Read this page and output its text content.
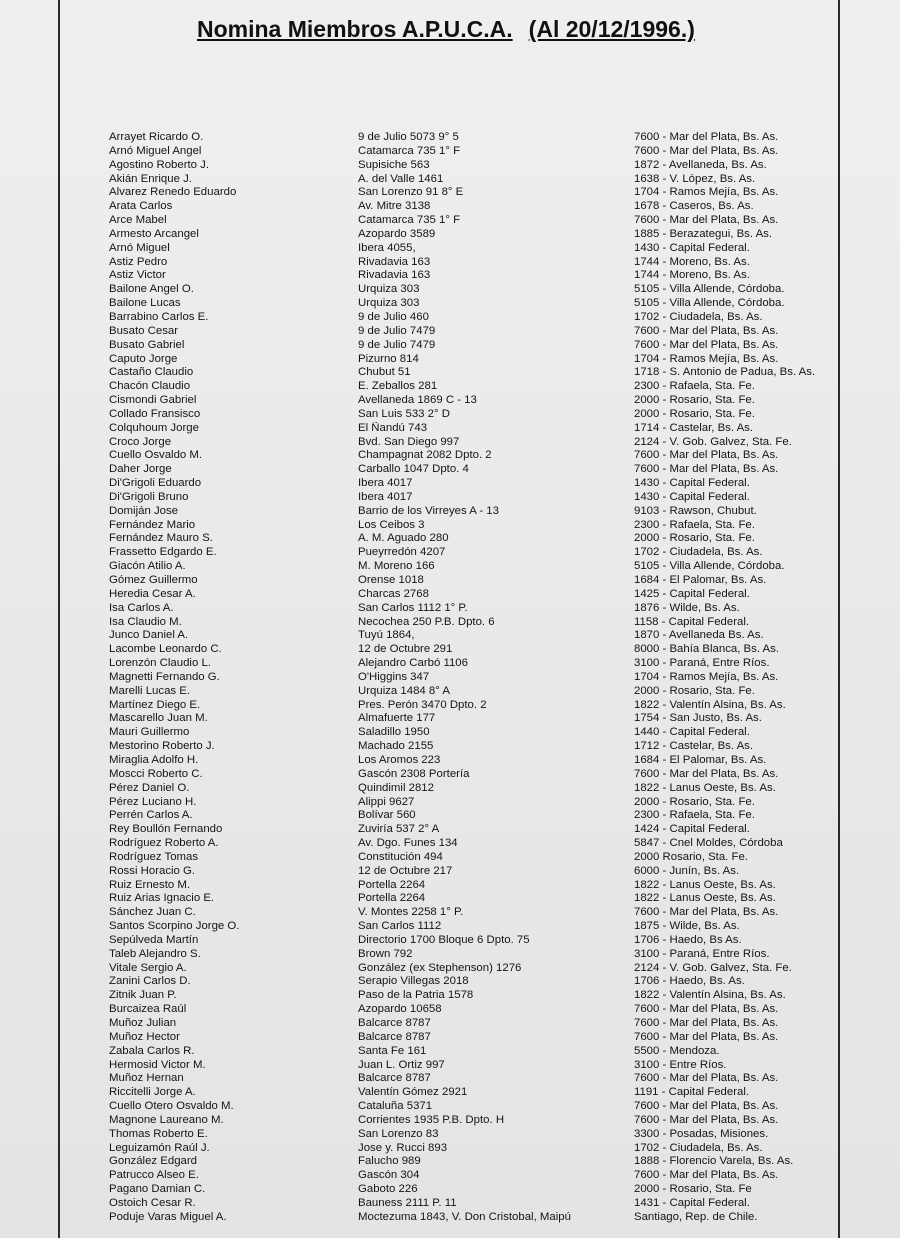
Nomina Miembros A.P.U.C.A. (Al 20/12/1996.)
Arrayet Ricardo O.
Arnó Miguel Angel
Agostino Roberto J.
Akián Enrique J.
Alvarez Renedo Eduardo
Arata Carlos
Arce Mabel
Armesto Arcangel
Arnó Miguel
Astiz Pedro
Astiz Victor
Bailone Angel O.
Bailone Lucas
Barrabino Carlos E.
Busato Cesar
Busato Gabriel
Caputo Jorge
Castaño Claudio
Chacón Claudio
Cismondi Gabriel
Collado Fransisco
Colquhoum Jorge
Croco Jorge
Cuello Osvaldo M.
Daher Jorge
Di'Grigoli Eduardo
Di'Grigoli Bruno
Domiján Jose
Fernández Mario
Fernández Mauro S.
Frassetto Edgardo E.
Giacón Atilio A.
Gómez Guillermo
Heredia Cesar A.
Isa Carlos A.
Isa Claudio M.
Junco Daniel A.
Lacombe Leonardo C.
Lorenzón Claudio L.
Magnetti Fernando G.
Marelli Lucas E.
Martínez Diego E.
Mascarello Juan M.
Mauri Guillermo
Mestorino Roberto J.
Miraglia Adolfo H.
Moscci Roberto C.
Pérez Daniel O.
Pérez Luciano H.
Perrén Carlos A.
Rey Boullón Fernando
Rodríguez Roberto A.
Rodríguez Tomas
Rossi Horacio G.
Ruiz Ernesto M.
Ruiz Arias Ignacio E.
Sánchez Juan C.
Santos Scorpino Jorge O.
Sepúlveda Martín
Taleb Alejandro S.
Vitale Sergio A.
Zanini Carlos D.
Zitnik Juan P.
Burcaizea Raúl
Muñoz Julian
Muñoz Hector
Zabala Carlos R.
Hermosid Victor M.
Muñoz Hernan
Riccitelli Jorge A.
Cuello Otero Osvaldo M.
Magnone Laureano M.
Thomas Roberto E.
Leguizamón Raúl J.
González Edgard
Patrucco Alseo E.
Pagano Damian C.
Ostoich Cesar R.
Poduje Varas Miguel A.
9 de Julio 5073 9° 5
Catamarca 735 1° F
Supisiche 563
A. del Valle 1461
San Lorenzo 91 8° E
Av. Mitre 3138
Catamarca 735 1° F
Azopardo 3589
Ibera 4055,
Rivadavia 163
Rivadavia 163
Urquiza 303
Urquiza 303
9 de Julio 460
9 de Julio 7479
9 de Julio 7479
Pizurno 814
Chubut 51
E. Zeballos 281
Avellaneda 1869 C - 13
San Luis 533 2° D
El Ñandú 743
Bvd. San Diego 997
Champagnat 2082 Dpto. 2
Carballo 1047 Dpto. 4
Ibera 4017
Ibera 4017
Barrio de los Virreyes A - 13
Los Ceibos 3
A. M. Aguado 280
Pueyrredón 4207
M. Moreno 166
Orense 1018
Charcas 2768
San Carlos 1112 1° P.
Necochea 250 P.B. Dpto. 6
Tuyú 1864,
12 de Octubre 291
Alejandro Carbó 1106
O'Higgins 347
Urquiza 1484 8° A
Pres. Perón 3470 Dpto. 2
Almafuerte 177
Saladillo 1950
Machado 2155
Los Aromos 223
Gascón 2308 Portería
Quindimil 2812
Alippi 9627
Bolívar 560
Zuviría 537 2° A
Av. Dgo. Funes 134
Constitución 494
12 de Octubre 217
Portella 2264
Portella 2264
V. Montes 2258 1° P.
San Carlos 1112
Directorio 1700 Bloque 6 Dpto. 75
Brown 792
González (ex Stephenson) 1276
Serapio Villegas 2018
Paso de la Patria 1578
Azopardo 10658
Balcarce 8787
Balcarce 8787
Santa Fe 161
Juan L. Ortiz 997
Balcarce 8787
Valentín Gómez 2921
Cataluña 5371
Corrientes 1935 P.B. Dpto. H
San Lorenzo 83
Jose y. Rucci 893
Falucho 989
Gascón 304
Gaboto 226
Bauness 2111 P. 11
Moctezuma 1843, V. Don Cristobal, Maipú
7600 - Mar del Plata, Bs. As.
7600 - Mar del Plata, Bs. As.
1872 - Avellaneda, Bs. As.
1638 - V. López, Bs. As.
1704 - Ramos Mejía, Bs. As.
1678 - Caseros, Bs. As.
7600 - Mar del Plata, Bs. As.
1885 - Berazategui, Bs. As.
1430 - Capital Federal.
1744 - Moreno, Bs. As.
1744 - Moreno, Bs. As.
5105 - Villa Allende, Córdoba.
5105 - Villa Allende, Córdoba.
1702 - Ciudadela, Bs. As.
7600 - Mar del Plata, Bs. As.
7600 - Mar del Plata, Bs. As.
1704 - Ramos Mejía, Bs. As.
1718 - S. Antonio de Padua, Bs. As.
2300 - Rafaela, Sta. Fe.
2000 - Rosario, Sta. Fe.
2000 - Rosario, Sta. Fe.
1714 - Castelar, Bs. As.
2124 - V. Gob. Galvez, Sta. Fe.
7600 - Mar del Plata, Bs. As.
7600 - Mar del Plata, Bs. As.
1430 - Capital Federal.
1430 - Capital Federal.
9103 - Rawson, Chubut.
2300 - Rafaela, Sta. Fe.
2000 - Rosario, Sta. Fe.
1702 - Ciudadela, Bs. As.
5105 - Villa Allende, Córdoba.
1684 - El Palomar, Bs. As.
1425 - Capital Federal.
1876 - Wilde, Bs. As.
1158 - Capital Federal.
1870 - Avellaneda Bs. As.
8000 - Bahía Blanca, Bs. As.
3100 - Paraná, Entre Ríos.
1704 - Ramos Mejía, Bs. As.
2000 - Rosario, Sta. Fe.
1822 - Valentín Alsina, Bs. As.
1754 - San Justo, Bs. As.
1440 - Capital Federal.
1712 - Castelar, Bs. As.
1684 - El Palomar, Bs. As.
7600 - Mar del Plata, Bs. As.
1822 - Lanus Oeste, Bs. As.
2000 - Rosario, Sta. Fe.
2300 - Rafaela, Sta. Fe.
1424 - Capital Federal.
5847 - Cnel Moldes, Córdoba
2000 Rosario, Sta. Fe.
6000 - Junín, Bs. As.
1822 - Lanus Oeste, Bs. As.
1822 - Lanus Oeste, Bs. As.
7600 - Mar del Plata, Bs. As.
1875 - Wilde, Bs. As.
1706 - Haedo, Bs As.
3100 - Paraná, Entre Ríos.
2124 - V. Gob. Galvez, Sta. Fe.
1706 - Haedo, Bs. As.
1822 - Valentín Alsina, Bs. As.
7600 - Mar del Plata, Bs. As.
7600 - Mar del Plata, Bs. As.
7600 - Mar del Plata, Bs. As.
5500 - Mendoza.
3100 - Entre Ríos.
7600 - Mar del Plata, Bs. As.
1191 - Capital Federal.
7600 - Mar del Plata, Bs. As.
7600 - Mar del Plata, Bs. As.
3300 - Posadas, Misiones.
1702 - Ciudadela, Bs. As.
1888 - Florencio Varela, Bs. As.
7600 - Mar del Plata, Bs. As.
2000 - Rosario, Sta. Fe
1431 - Capital Federal.
Santiago, Rep. de Chile.
